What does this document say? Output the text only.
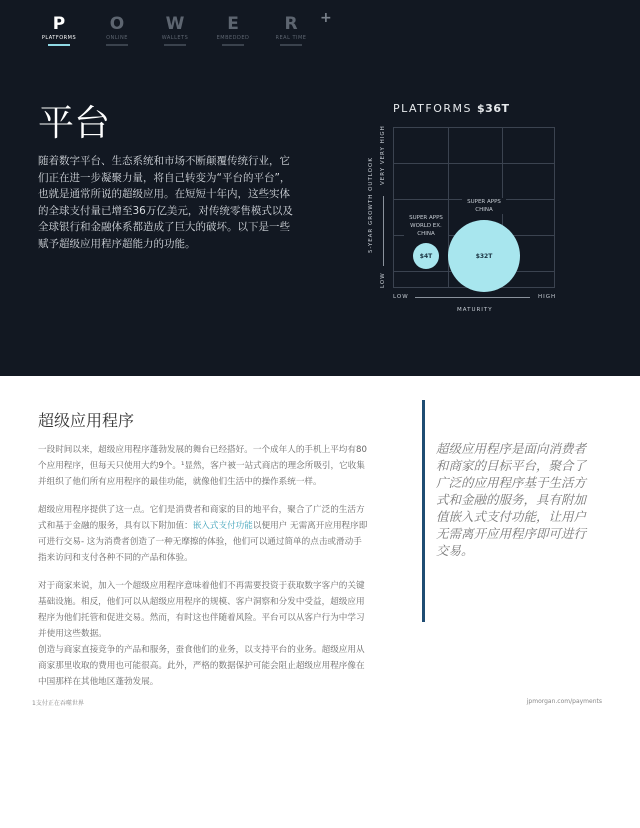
P
PLATFORMS
O
ONLINE
W
WALLETS
E
EMBEDDED
R
REAL TIME
+
平台
随着数字平台、生态系统和市场不断颠覆传统行业，它们正在进一步凝聚力量，将自己转变为“平台的平台”，也就是通常所说的超级应用。在短短十年内，这些实体的全球支付量已增至36万亿美元，对传统零售模式以及全球银行和金融体系都造成了巨大的破坏。以下是一些赋予超级应用程序超能力的功能。
PLATFORMS $36T
SUPER APPS WORLD EX. CHINA
$4T
SUPER APPS CHINA
$32T
5-YEAR GROWTH OUTLOOK
LOW
VERY VERY HIGH
LOW	HIGH
MATURITY
超级应用程序

一段时间以来，超级应用程序蓬勃发展的舞台已经搭好。一个成年人的手机上平均有80个应用程序，但每天只使用大约9个。¹显然，客户被一站式商店的理念所吸引，它收集并组织了他们所有应用程序的最佳功能，就像他们生活中的操作系统一样。

超级应用程序提供了这一点。它们是消费者和商家的目的地平台，聚合了广泛的生活方式和基于金融的服务，具有以下附加值：嵌入式支付功能以便用户 无需离开应用程序即可进行交易- 这为消费者创造了一种无摩擦的体验，他们可以通过简单的点击或滑动手指来访问和支付各种不同的产品和体验。

对于商家来说，加入一个超级应用程序意味着他们不再需要投资于获取数字客户的关键基础设施。相反，他们可以从超级应用程序的规模、客户洞察和分发中受益，超级应用程序为他们托管和促进交易。然而，有时这也伴随着风险。平台可以从客户行为中学习并使用这些数据。

创造与商家直接竞争的产品和服务，蚕食他们的业务，以支持平台的业务。超级应用从商家那里收取的费用也可能很高。此外，严格的数据保护可能会阻止超级应用程序像在中国那样在其他地区蓬勃发展。

超级应用程序是面向消费者和商家的目标平台，聚合了广泛的应用程序基于生活方式和金融的服务，具有附加值嵌入式支付功能，让用户无需离开应用程序即可进行交易。
1支付正在吞噬世界	jpmorgan.com/payments
